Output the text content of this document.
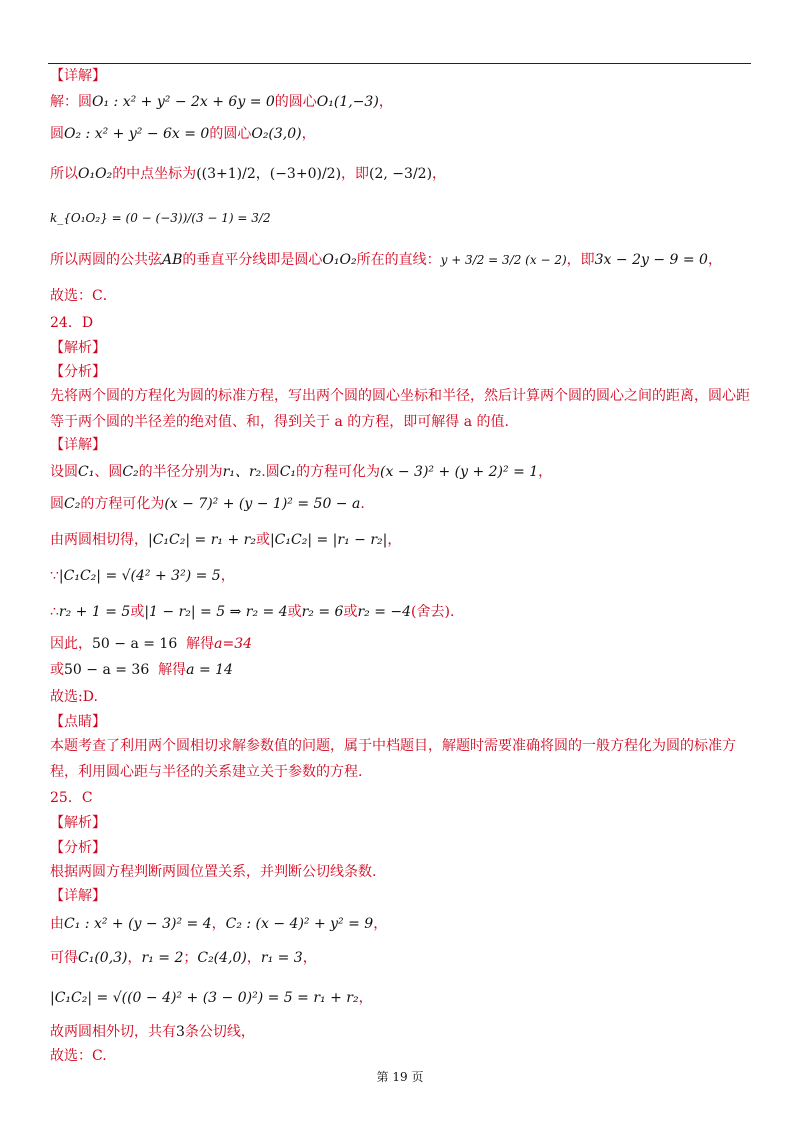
【详解】

解：圆O₁ : x² + y² − 2x + 6y = 0的圆心O₁(1,−3)，

圆O₂ : x² + y² − 6x = 0的圆心O₂(3,0)，

所以O₁O₂的中点坐标为((3+1)/2，(−3+0)/2)，即(2, −3/2)，

k_{O₁O₂} = (0 − (−3))/(3 − 1) = 3/2

所以两圆的公共弦AB的垂直平分线即是圆心O₁O₂所在的直线：y + 3/2 = 3/2 (x − 2)，即3x − 2y − 9 = 0，

故选：C．

24．D

【解析】

【分析】

先将两个圆的方程化为圆的标准方程，写出两个圆的圆心坐标和半径，然后计算两个圆的圆心之间的距离，圆心距等于两个圆的半径差的绝对值、和，得到关于 a 的方程，即可解得 a 的值.

【详解】

设圆C₁、圆C₂的半径分别为r₁、r₂.圆C₁的方程可化为(x − 3)² + (y + 2)² = 1，

圆C₂的方程可化为(x − 7)² + (y − 1)² = 50 − a.

由两圆相切得，|C₁C₂| = r₁ + r₂或|C₁C₂| = |r₁ − r₂|，

∵|C₁C₂| = √(4² + 3²) = 5，

∴r₂ + 1 = 5或|1 − r₂| = 5 ⇒ r₂ = 4或r₂ = 6或r₂ = −4(舍去).

因此，50 − a = 16 解得a=34

或50 − a = 36 解得a = 14

故选:D.

【点睛】

本题考查了利用两个圆相切求解参数值的问题，属于中档题目，解题时需要准确将圆的一般方程化为圆的标准方程，利用圆心距与半径的关系建立关于参数的方程.

25．C

【解析】

【分析】

根据两圆方程判断两圆位置关系，并判断公切线条数.

【详解】

由C₁ : x² + (y − 3)² = 4，C₂ : (x − 4)² + y² = 9，

可得C₁(0,3)，r₁ = 2；C₂(4,0)，r₁ = 3，

|C₁C₂| = √((0 − 4)² + (3 − 0)²) = 5 = r₁ + r₂，

故两圆相外切，共有3条公切线，

故选：C.

第 19 页
